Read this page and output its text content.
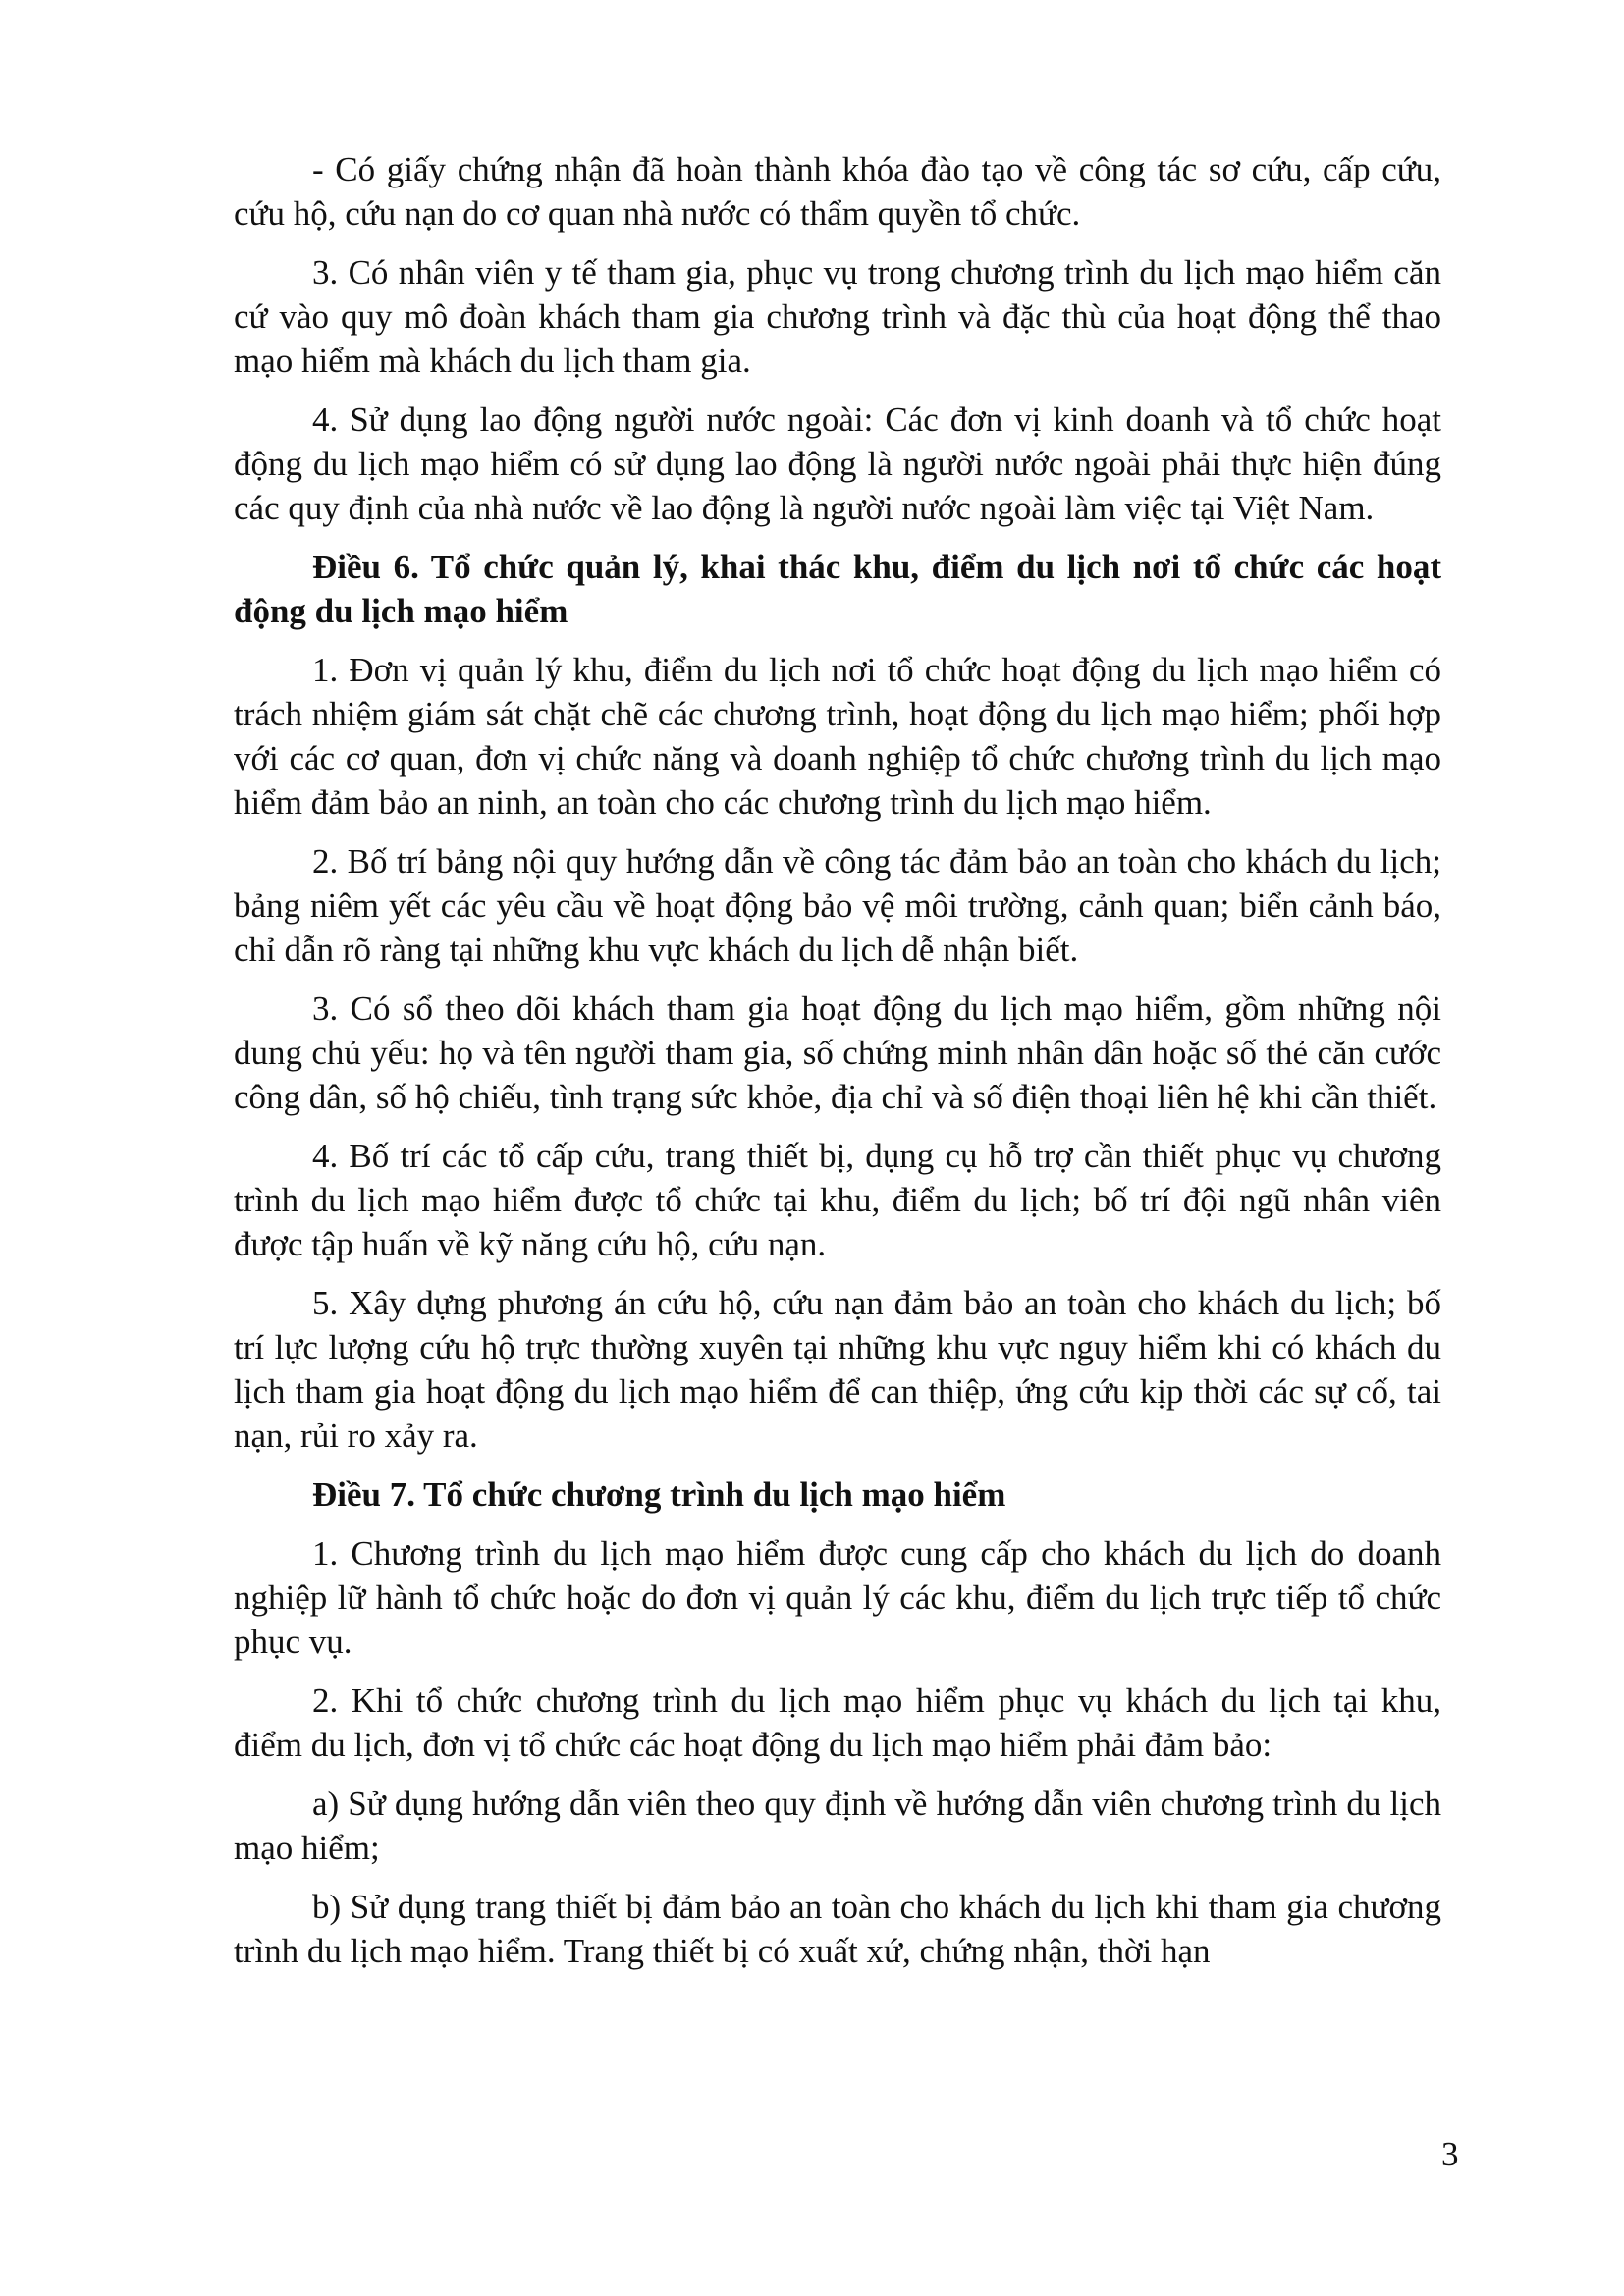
- Có giấy chứng nhận đã hoàn thành khóa đào tạo về công tác sơ cứu, cấp cứu, cứu hộ, cứu nạn do cơ quan nhà nước có thẩm quyền tổ chức.

3. Có nhân viên y tế tham gia, phục vụ trong chương trình du lịch mạo hiểm căn cứ vào quy mô đoàn khách tham gia chương trình và đặc thù của hoạt động thể thao mạo hiểm mà khách du lịch tham gia.

4. Sử dụng lao động người nước ngoài: Các đơn vị kinh doanh và tổ chức hoạt động du lịch mạo hiểm có sử dụng lao động là người nước ngoài phải thực hiện đúng các quy định của nhà nước về lao động là người nước ngoài làm việc tại Việt Nam.

Điều 6. Tổ chức quản lý, khai thác khu, điểm du lịch nơi tổ chức các hoạt động du lịch mạo hiểm

1. Đơn vị quản lý khu, điểm du lịch nơi tổ chức hoạt động du lịch mạo hiểm có trách nhiệm giám sát chặt chẽ các chương trình, hoạt động du lịch mạo hiểm; phối hợp với các cơ quan, đơn vị chức năng và doanh nghiệp tổ chức chương trình du lịch mạo hiểm đảm bảo an ninh, an toàn cho các chương trình du lịch mạo hiểm.

2. Bố trí bảng nội quy hướng dẫn về công tác đảm bảo an toàn cho khách du lịch; bảng niêm yết các yêu cầu về hoạt động bảo vệ môi trường, cảnh quan; biển cảnh báo, chỉ dẫn rõ ràng tại những khu vực khách du lịch dễ nhận biết.

3. Có sổ theo dõi khách tham gia hoạt động du lịch mạo hiểm, gồm những nội dung chủ yếu: họ và tên người tham gia, số chứng minh nhân dân hoặc số thẻ căn cước công dân, số hộ chiếu, tình trạng sức khỏe, địa chỉ và số điện thoại liên hệ khi cần thiết.

4. Bố trí các tổ cấp cứu, trang thiết bị, dụng cụ hỗ trợ cần thiết phục vụ chương trình du lịch mạo hiểm được tổ chức tại khu, điểm du lịch; bố trí đội ngũ nhân viên được tập huấn về kỹ năng cứu hộ, cứu nạn.

5. Xây dựng phương án cứu hộ, cứu nạn đảm bảo an toàn cho khách du lịch; bố trí lực lượng cứu hộ trực thường xuyên tại những khu vực nguy hiểm khi có khách du lịch tham gia hoạt động du lịch mạo hiểm để can thiệp, ứng cứu kịp thời các sự cố, tai nạn, rủi ro xảy ra.

Điều 7. Tổ chức chương trình du lịch mạo hiểm

1. Chương trình du lịch mạo hiểm được cung cấp cho khách du lịch do doanh nghiệp lữ hành tổ chức hoặc do đơn vị quản lý các khu, điểm du lịch trực tiếp tổ chức phục vụ.

2. Khi tổ chức chương trình du lịch mạo hiểm phục vụ khách du lịch tại khu, điểm du lịch, đơn vị tổ chức các hoạt động du lịch mạo hiểm phải đảm bảo:

a) Sử dụng hướng dẫn viên theo quy định về hướng dẫn viên chương trình du lịch mạo hiểm;

b) Sử dụng trang thiết bị đảm bảo an toàn cho khách du lịch khi tham gia chương trình du lịch mạo hiểm. Trang thiết bị có xuất xứ, chứng nhận, thời hạn

3
